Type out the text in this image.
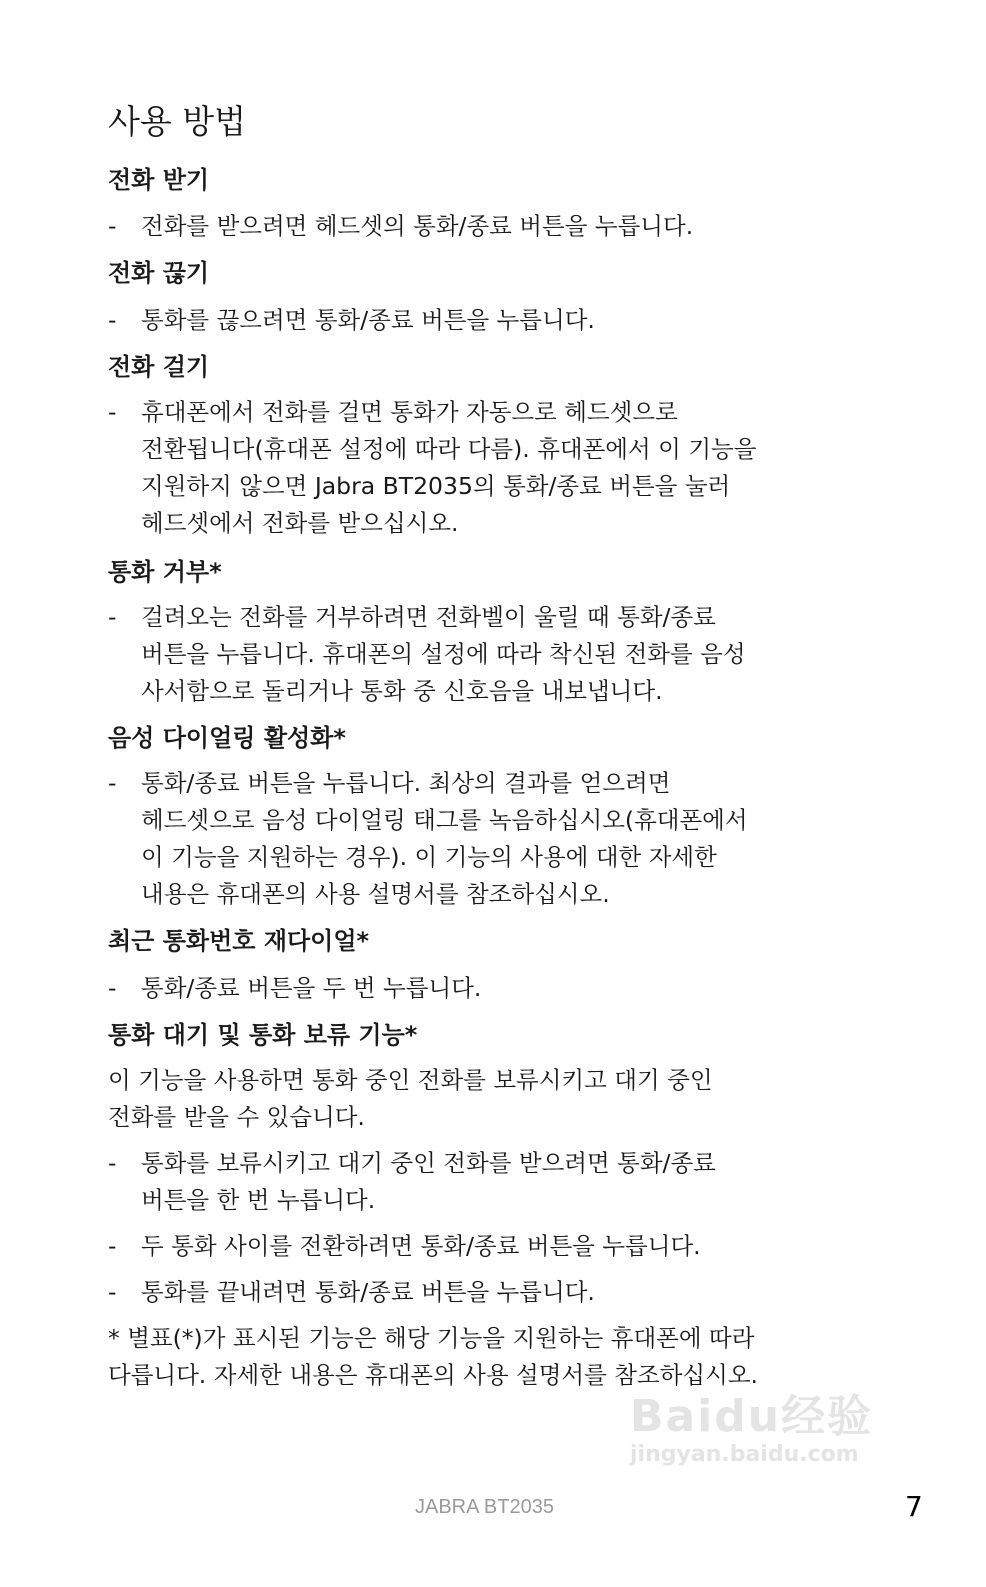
사용 방법
전화 받기
- 전화를 받으려면 헤드셋의 통화/종료 버튼을 누릅니다.
전화 끊기
- 통화를 끊으려면 통화/종료 버튼을 누릅니다.
전화 걸기
- 휴대폰에서 전화를 걸면 통화가 자동으로 헤드셋으로
전환됩니다(휴대폰 설정에 따라 다름). 휴대폰에서 이 기능을
지원하지 않으면 Jabra BT2035의 통화/종료 버튼을 눌러
헤드셋에서 전화를 받으십시오.
통화 거부*
- 걸려오는 전화를 거부하려면 전화벨이 울릴 때 통화/종료
버튼을 누릅니다. 휴대폰의 설정에 따라 착신된 전화를 음성
사서함으로 돌리거나 통화 중 신호음을 내보냅니다.
음성 다이얼링 활성화*
- 통화/종료 버튼을 누릅니다. 최상의 결과를 얻으려면
헤드셋으로 음성 다이얼링 태그를 녹음하십시오(휴대폰에서
이 기능을 지원하는 경우). 이 기능의 사용에 대한 자세한
내용은 휴대폰의 사용 설명서를 참조하십시오.
최근 통화번호 재다이얼*
- 통화/종료 버튼을 두 번 누릅니다.
통화 대기 및 통화 보류 기능*
이 기능을 사용하면 통화 중인 전화를 보류시키고 대기 중인
전화를 받을 수 있습니다.
- 통화를 보류시키고 대기 중인 전화를 받으려면 통화/종료
버튼을 한 번 누릅니다.
- 두 통화 사이를 전환하려면 통화/종료 버튼을 누릅니다.
- 통화를 끝내려면 통화/종료 버튼을 누릅니다.
* 별표(*)가 표시된 기능은 해당 기능을 지원하는 휴대폰에 따라
다릅니다. 자세한 내용은 휴대폰의 사용 설명서를 참조하십시오.
Baidu经验
jingyan.baidu.com
JABRA BT2035	7
